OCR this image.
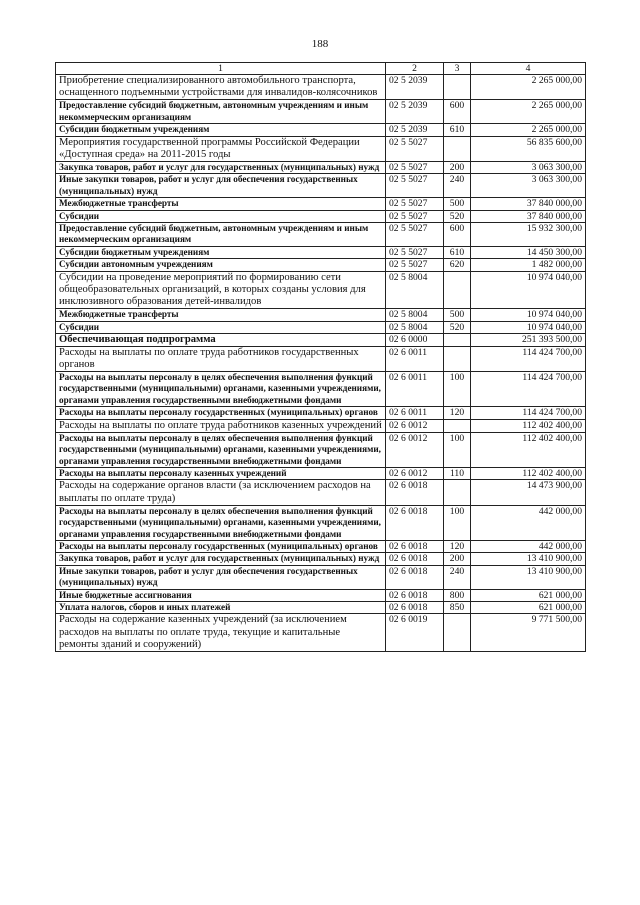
188
1	2	3	4
Приобретение специализированного автомобильного транспорта, оснащенного подъемными устройствами для инвалидов-колясочников	02 5 2039		2 265 000,00
Предоставление субсидий бюджетным, автономным учреждениям и иным некоммерческим организациям	02 5 2039	600	2 265 000,00
Субсидии бюджетным учреждениям	02 5 2039	610	2 265 000,00
Мероприятия государственной программы Российской Федерации «Доступная среда» на 2011-2015 годы	02 5 5027		56 835 600,00
Закупка товаров, работ и услуг для государственных (муниципальных) нужд	02 5 5027	200	3 063 300,00
Иные закупки товаров, работ и услуг для обеспечения государственных (муниципальных) нужд	02 5 5027	240	3 063 300,00
Межбюджетные трансферты	02 5 5027	500	37 840 000,00
Субсидии	02 5 5027	520	37 840 000,00
Предоставление субсидий бюджетным, автономным учреждениям и иным некоммерческим организациям	02 5 5027	600	15 932 300,00
Субсидии бюджетным учреждениям	02 5 5027	610	14 450 300,00
Субсидии автономным учреждениям	02 5 5027	620	1 482 000,00
Субсидии на проведение мероприятий по формированию сети общеобразовательных организаций, в которых созданы условия для инклюзивного образования детей-инвалидов	02 5 8004		10 974 040,00
Межбюджетные трансферты	02 5 8004	500	10 974 040,00
Субсидии	02 5 8004	520	10 974 040,00
Обеспечивающая подпрограмма	02 6 0000		251 393 500,00
Расходы на выплаты по оплате труда работников государственных органов	02 6 0011		114 424 700,00
Расходы на выплаты персоналу в целях обеспечения выполнения функций государственными (муниципальными) органами, казенными учреждениями, органами управления государственными внебюджетными фондами	02 6 0011	100	114 424 700,00
Расходы на выплаты персоналу государственных (муниципальных) органов	02 6 0011	120	114 424 700,00
Расходы на выплаты по оплате труда работников казенных учреждений	02 6 0012		112 402 400,00
Расходы на выплаты персоналу в целях обеспечения выполнения функций государственными (муниципальными) органами, казенными учреждениями, органами управления государственными внебюджетными фондами	02 6 0012	100	112 402 400,00
Расходы на выплаты персоналу казенных учреждений	02 6 0012	110	112 402 400,00
Расходы на содержание органов власти (за исключением расходов на выплаты по оплате труда)	02 6 0018		14 473 900,00
Расходы на выплаты персоналу в целях обеспечения выполнения функций государственными (муниципальными) органами, казенными учреждениями, органами управления государственными внебюджетными фондами	02 6 0018	100	442 000,00
Расходы на выплаты персоналу государственных (муниципальных) органов	02 6 0018	120	442 000,00
Закупка товаров, работ и услуг для государственных (муниципальных) нужд	02 6 0018	200	13 410 900,00
Иные закупки товаров, работ и услуг для обеспечения государственных (муниципальных) нужд	02 6 0018	240	13 410 900,00
Иные бюджетные ассигнования	02 6 0018	800	621 000,00
Уплата налогов, сборов и иных платежей	02 6 0018	850	621 000,00
Расходы на содержание казенных учреждений (за исключением расходов на выплаты по оплате труда, текущие и капитальные ремонты зданий и сооружений)	02 6 0019		9 771 500,00
